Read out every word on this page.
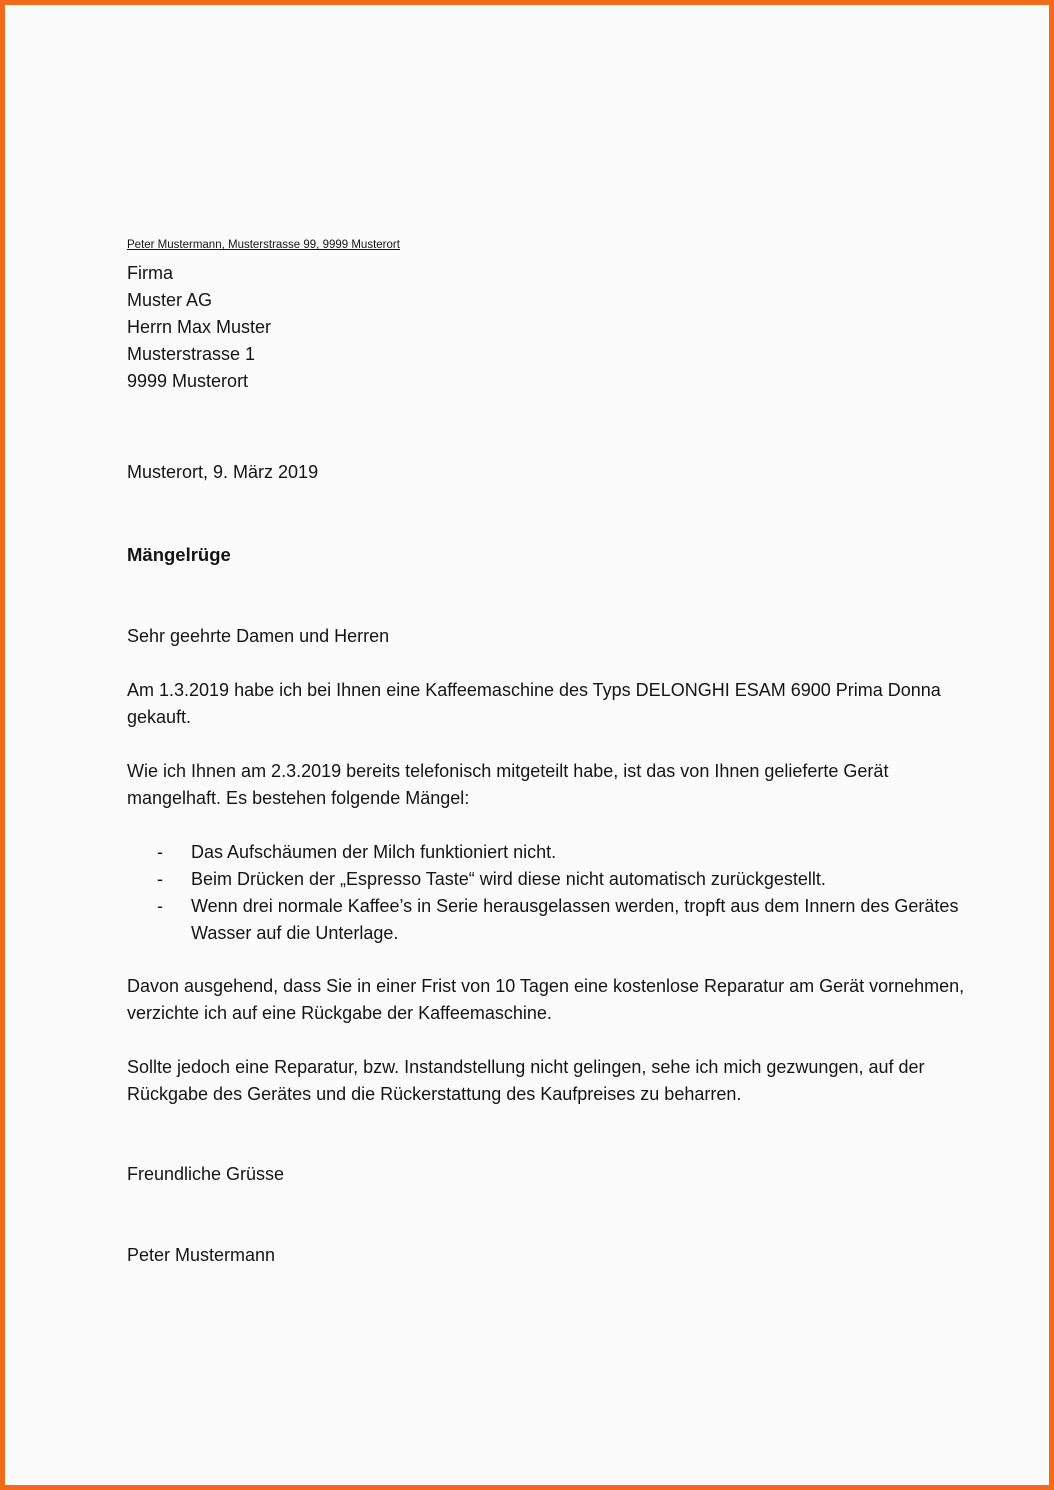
Peter Mustermann, Musterstrasse 99, 9999 Musterort
Firma
Muster AG
Herrn Max Muster
Musterstrasse 1
9999 Musterort
Musterort, 9. März 2019
Mängelrüge
Sehr geehrte Damen und Herren
Am 1.3.2019 habe ich bei Ihnen eine Kaffeemaschine des Typs DELONGHI ESAM 6900 Prima Donna gekauft.
Wie ich Ihnen am 2.3.2019 bereits telefonisch mitgeteilt habe, ist das von Ihnen gelieferte Gerät mangelhaft. Es bestehen folgende Mängel:
- Das Aufschäumen der Milch funktioniert nicht.
- Beim Drücken der „Espresso Taste“ wird diese nicht automatisch zurückgestellt.
- Wenn drei normale Kaffee’s in Serie herausgelassen werden, tropft aus dem Innern des Gerätes Wasser auf die Unterlage.
Davon ausgehend, dass Sie in einer Frist von 10 Tagen eine kostenlose Reparatur am Gerät vornehmen, verzichte ich auf eine Rückgabe der Kaffeemaschine.
Sollte jedoch eine Reparatur, bzw. Instandstellung nicht gelingen, sehe ich mich gezwungen, auf der Rückgabe des Gerätes und die Rückerstattung des Kaufpreises zu beharren.
Freundliche Grüsse
Peter Mustermann
